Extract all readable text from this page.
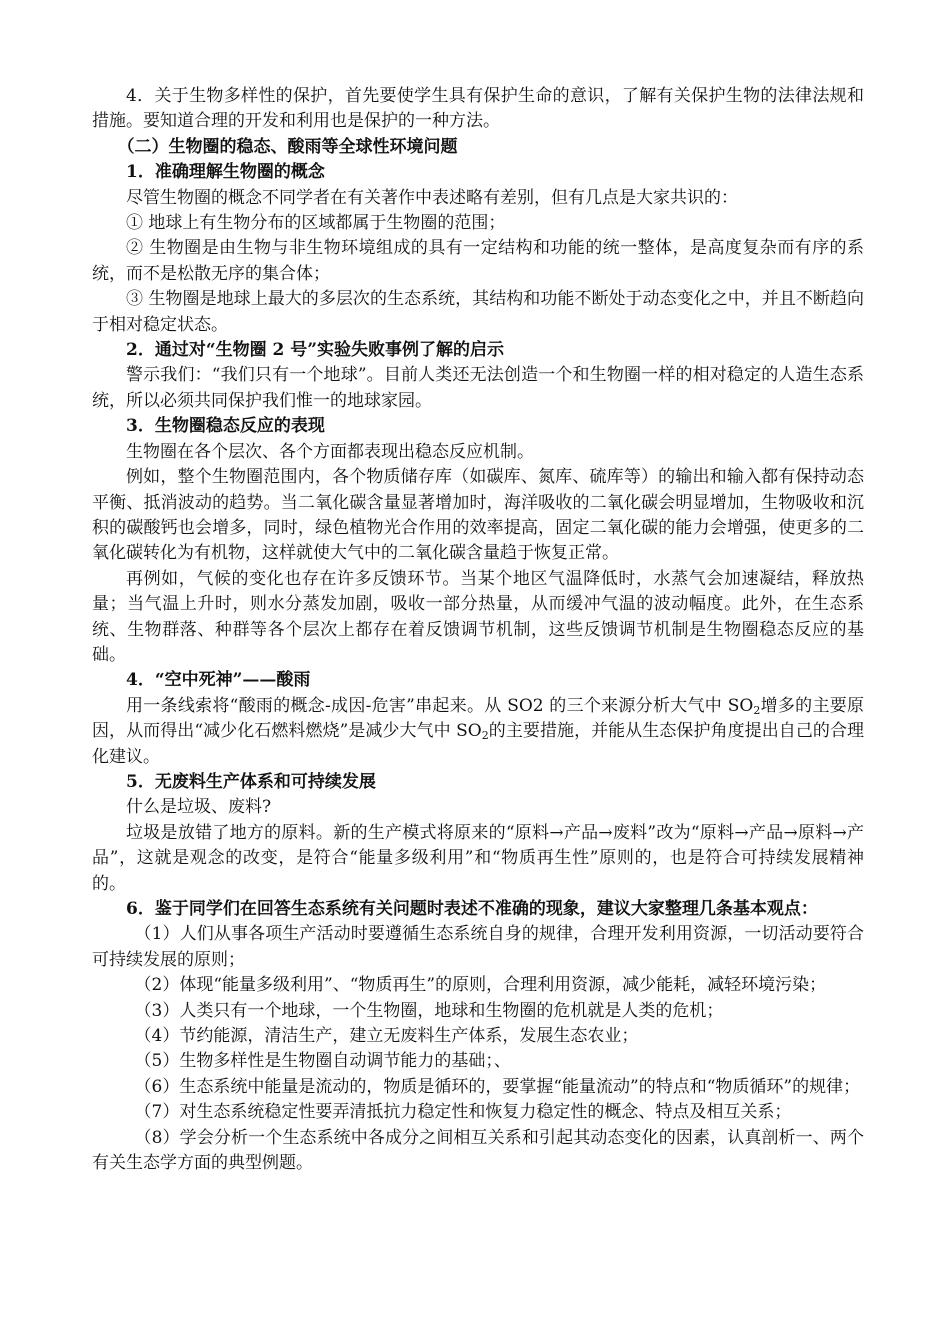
4．关于生物多样性的保护，首先要使学生具有保护生命的意识，了解有关保护生物的法律法规和措施。要知道合理的开发和利用也是保护的一种方法。

（二）生物圈的稳态、酸雨等全球性环境问题

1．准确理解生物圈的概念

尽管生物圈的概念不同学者在有关著作中表述略有差别，但有几点是大家共识的：

① 地球上有生物分布的区域都属于生物圈的范围；

② 生物圈是由生物与非生物环境组成的具有一定结构和功能的统一整体，是高度复杂而有序的系统，而不是松散无序的集合体；

③ 生物圈是地球上最大的多层次的生态系统，其结构和功能不断处于动态变化之中，并且不断趋向于相对稳定状态。

2．通过对“生物圈 2 号”实验失败事例了解的启示

警示我们：“我们只有一个地球”。目前人类还无法创造一个和生物圈一样的相对稳定的人造生态系统，所以必须共同保护我们惟一的地球家园。

3．生物圈稳态反应的表现

生物圈在各个层次、各个方面都表现出稳态反应机制。

例如，整个生物圈范围内，各个物质储存库（如碳库、氮库、硫库等）的输出和输入都有保持动态平衡、抵消波动的趋势。当二氧化碳含量显著增加时，海洋吸收的二氧化碳会明显增加，生物吸收和沉积的碳酸钙也会增多，同时，绿色植物光合作用的效率提高，固定二氧化碳的能力会增强，使更多的二氧化碳转化为有机物，这样就使大气中的二氧化碳含量趋于恢复正常。

再例如，气候的变化也存在许多反馈环节。当某个地区气温降低时，水蒸气会加速凝结，释放热量；当气温上升时，则水分蒸发加剧，吸收一部分热量，从而缓冲气温的波动幅度。此外，在生态系统、生物群落、种群等各个层次上都存在着反馈调节机制，这些反馈调节机制是生物圈稳态反应的基础。

4．“空中死神”——酸雨

用一条线索将“酸雨的概念-成因-危害”串起来。从 SO2 的三个来源分析大气中 $SO_2$增多的主要原因，从而得出“减少化石燃料燃烧”是减少大气中 $SO_2$的主要措施，并能从生态保护角度提出自己的合理化建议。

5．无废料生产体系和可持续发展

什么是垃圾、废料?

垃圾是放错了地方的原料。新的生产模式将原来的“原料→产品→废料”改为“原料→产品→原料→产品”，这就是观念的改变，是符合“能量多级利用”和“物质再生性”原则的，也是符合可持续发展精神的。

6．鉴于同学们在回答生态系统有关问题时表述不准确的现象，建议大家整理几条基本观点：

（1）人们从事各项生产活动时要遵循生态系统自身的规律，合理开发利用资源，一切活动要符合可持续发展的原则；

（2）体现“能量多级利用”、“物质再生”的原则，合理利用资源，减少能耗，减轻环境污染；

（3）人类只有一个地球，一个生物圈，地球和生物圈的危机就是人类的危机；

（4）节约能源，清洁生产，建立无废料生产体系，发展生态农业；

（5）生物多样性是生物圈自动调节能力的基础；、

（6）生态系统中能量是流动的，物质是循环的，要掌握“能量流动”的特点和“物质循环”的规律；

（7）对生态系统稳定性要弄清抵抗力稳定性和恢复力稳定性的概念、特点及相互关系；

（8）学会分析一个生态系统中各成分之间相互关系和引起其动态变化的因素，认真剖析一、两个有关生态学方面的典型例题。
